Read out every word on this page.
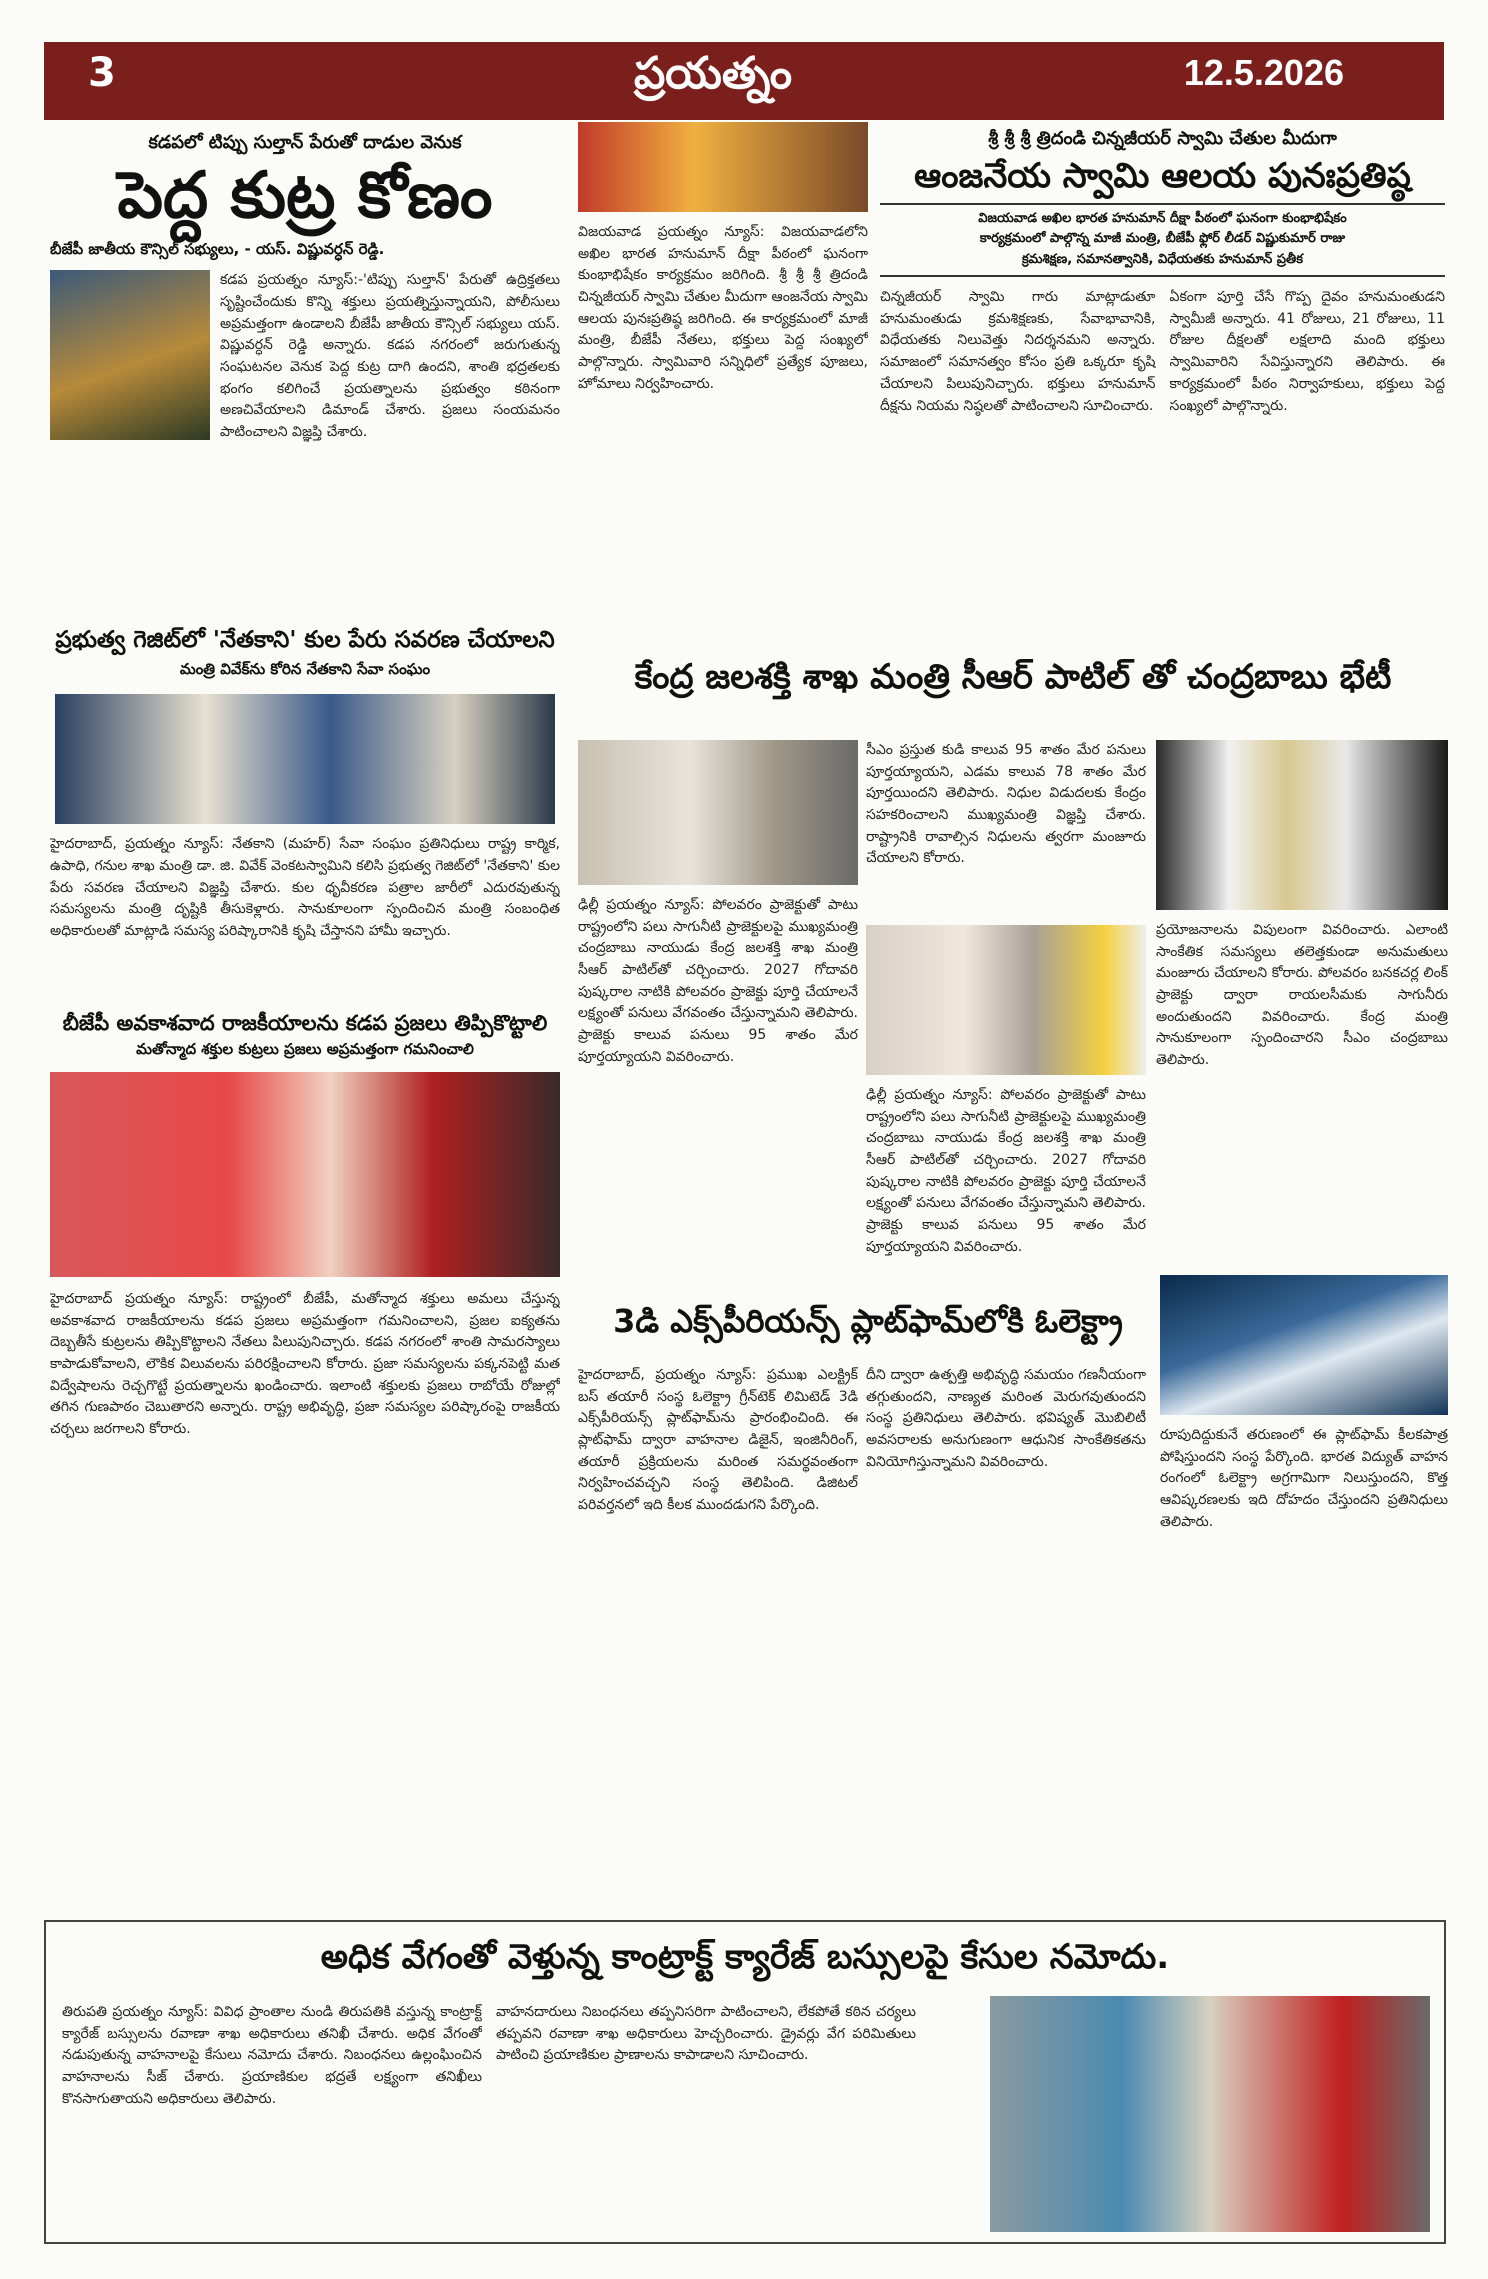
3	ప్రయత్నం	12.5.2026
కడపలో టిప్పు సుల్తాన్ పేరుతో దాడుల వెనుక
పెద్ద కుట్ర కోణం
బీజేపీ జాతీయ కౌన్సిల్ సభ్యులు, - యస్. విష్ణువర్ధన్ రెడ్డి.
కడప ప్రయత్నం న్యూస్:-'టిప్పు సుల్తాన్' పేరుతో ఉద్రిక్తతలు సృష్టించేందుకు కొన్ని శక్తులు ప్రయత్నిస్తున్నాయని, పోలీసులు అప్రమత్తంగా ఉండాలని బీజేపీ జాతీయ కౌన్సిల్ సభ్యులు యస్. విష్ణువర్ధన్ రెడ్డి అన్నారు. కడప నగరంలో జరుగుతున్న సంఘటనల వెనుక పెద్ద కుట్ర దాగి ఉందని, శాంతి భద్రతలకు భంగం కలిగించే ప్రయత్నాలను ప్రభుత్వం కఠినంగా అణచివేయాలని డిమాండ్ చేశారు. ప్రజలు సంయమనం పాటించాలని విజ్ఞప్తి చేశారు.
విజయవాడ ప్రయత్నం న్యూస్: విజయవాడలోని అఖిల భారత హనుమాన్ దీక్షా పీఠంలో ఘనంగా కుంభాభిషేకం కార్యక్రమం జరిగింది. శ్రీ శ్రీ శ్రీ త్రిదండి చిన్నజీయర్ స్వామి చేతుల మీదుగా ఆంజనేయ స్వామి ఆలయ పునఃప్రతిష్ఠ జరిగింది. ఈ కార్యక్రమంలో మాజీ మంత్రి, బీజేపీ నేతలు, భక్తులు పెద్ద సంఖ్యలో పాల్గొన్నారు. స్వామివారి సన్నిధిలో ప్రత్యేక పూజలు, హోమాలు నిర్వహించారు.
శ్రీ శ్రీ శ్రీ త్రిదండి చిన్నజీయర్ స్వామి చేతుల మీదుగా
ఆంజనేయ స్వామి ఆలయ పునఃప్రతిష్ఠ
విజయవాడ అఖిల భారత హనుమాన్ దీక్షా పీఠంలో ఘనంగా కుంభాభిషేకం
కార్యక్రమంలో పాల్గొన్న మాజీ మంత్రి, బీజేపీ ఫ్లోర్ లీడర్ విష్ణుకుమార్ రాజు
క్రమశిక్షణ, సమానత్వానికి, విధేయతకు హనుమాన్ ప్రతీక
చిన్నజీయర్ స్వామి గారు మాట్లాడుతూ హనుమంతుడు క్రమశిక్షణకు, సేవాభావానికి, విధేయతకు నిలువెత్తు నిదర్శనమని అన్నారు. సమాజంలో సమానత్వం కోసం ప్రతి ఒక్కరూ కృషి చేయాలని పిలుపునిచ్చారు. భక్తులు హనుమాన్ దీక్షను నియమ నిష్ఠలతో పాటించాలని సూచించారు.
ఏకంగా పూర్తి చేసే గొప్ప దైవం హనుమంతుడని స్వామీజీ అన్నారు. 41 రోజులు, 21 రోజులు, 11 రోజుల దీక్షలతో లక్షలాది మంది భక్తులు స్వామివారిని సేవిస్తున్నారని తెలిపారు. ఈ కార్యక్రమంలో పీఠం నిర్వాహకులు, భక్తులు పెద్ద సంఖ్యలో పాల్గొన్నారు.
ప్రభుత్వ గెజిట్‌లో 'నేతకాని' కుల పేరు సవరణ చేయాలని
మంత్రి వివేక్‌ను కోరిన నేతకాని సేవా సంఘం
హైదరాబాద్, ప్రయత్నం న్యూస్: నేతకాని (మహర్) సేవా సంఘం ప్రతినిధులు రాష్ట్ర కార్మిక, ఉపాధి, గనుల శాఖ మంత్రి డా. జి. వివేక్ వెంకటస్వామిని కలిసి ప్రభుత్వ గెజిట్‌లో 'నేతకాని' కుల పేరు సవరణ చేయాలని విజ్ఞప్తి చేశారు. కుల ధృవీకరణ పత్రాల జారీలో ఎదురవుతున్న సమస్యలను మంత్రి దృష్టికి తీసుకెళ్లారు. సానుకూలంగా స్పందించిన మంత్రి సంబంధిత అధికారులతో మాట్లాడి సమస్య పరిష్కారానికి కృషి చేస్తానని హామీ ఇచ్చారు.
బీజేపీ అవకాశవాద రాజకీయాలను కడప ప్రజలు తిప్పికొట్టాలి
మతోన్మాద శక్తుల కుట్రలు ప్రజలు అప్రమత్తంగా గమనించాలి
హైదరాబాద్ ప్రయత్నం న్యూస్: రాష్ట్రంలో బీజేపీ, మతోన్మాద శక్తులు అమలు చేస్తున్న అవకాశవాద రాజకీయాలను కడప ప్రజలు అప్రమత్తంగా గమనించాలని, ప్రజల ఐక్యతను దెబ్బతీసే కుట్రలను తిప్పికొట్టాలని నేతలు పిలుపునిచ్చారు. కడప నగరంలో శాంతి సామరస్యాలు కాపాడుకోవాలని, లౌకిక విలువలను పరిరక్షించాలని కోరారు. ప్రజా సమస్యలను పక్కనపెట్టి మత విద్వేషాలను రెచ్చగొట్టే ప్రయత్నాలను ఖండించారు. ఇలాంటి శక్తులకు ప్రజలు రాబోయే రోజుల్లో తగిన గుణపాఠం చెబుతారని అన్నారు. రాష్ట్ర అభివృద్ధి, ప్రజా సమస్యల పరిష్కారంపై రాజకీయ చర్చలు జరగాలని కోరారు.
కేంద్ర జలశక్తి శాఖ మంత్రి సీఆర్ పాటిల్ తో చంద్రబాబు భేటీ
ఢిల్లీ ప్రయత్నం న్యూస్: పోలవరం ప్రాజెక్టుతో పాటు రాష్ట్రంలోని పలు సాగునీటి ప్రాజెక్టులపై ముఖ్యమంత్రి చంద్రబాబు నాయుడు కేంద్ర జలశక్తి శాఖ మంత్రి సీఆర్ పాటిల్‌తో చర్చించారు. 2027 గోదావరి పుష్కరాల నాటికి పోలవరం ప్రాజెక్టు పూర్తి చేయాలనే లక్ష్యంతో పనులు వేగవంతం చేస్తున్నామని తెలిపారు. ప్రాజెక్టు కాలువ పనులు 95 శాతం మేర పూర్తయ్యాయని వివరించారు.
సీఎం ప్రస్తుత కుడి కాలువ 95 శాతం మేర పనులు పూర్తయ్యాయని, ఎడమ కాలువ 78 శాతం మేర పూర్తయిందని తెలిపారు. నిధుల విడుదలకు కేంద్రం సహకరించాలని ముఖ్యమంత్రి విజ్ఞప్తి చేశారు. రాష్ట్రానికి రావాల్సిన నిధులను త్వరగా మంజూరు చేయాలని కోరారు.
ఢిల్లీ ప్రయత్నం న్యూస్: పోలవరం ప్రాజెక్టుతో పాటు రాష్ట్రంలోని పలు సాగునీటి ప్రాజెక్టులపై ముఖ్యమంత్రి చంద్రబాబు నాయుడు కేంద్ర జలశక్తి శాఖ మంత్రి సీఆర్ పాటిల్‌తో చర్చించారు. 2027 గోదావరి పుష్కరాల నాటికి పోలవరం ప్రాజెక్టు పూర్తి చేయాలనే లక్ష్యంతో పనులు వేగవంతం చేస్తున్నామని తెలిపారు. ప్రాజెక్టు కాలువ పనులు 95 శాతం మేర పూర్తయ్యాయని వివరించారు.
ప్రయోజనాలను విపులంగా వివరించారు. ఎలాంటి సాంకేతిక సమస్యలు తలెత్తకుండా అనుమతులు మంజూరు చేయాలని కోరారు. పోలవరం బనకచర్ల లింక్ ప్రాజెక్టు ద్వారా రాయలసీమకు సాగునీరు అందుతుందని వివరించారు. కేంద్ర మంత్రి సానుకూలంగా స్పందించారని సీఎం చంద్రబాబు తెలిపారు.
3డి ఎక్స్‌పీరియన్స్ ప్లాట్‌ఫామ్‌లోకి ఓలెక్ట్రా
హైదరాబాద్, ప్రయత్నం న్యూస్: ప్రముఖ ఎలక్ట్రిక్ బస్ తయారీ సంస్థ ఓలెక్ట్రా గ్రీన్‌టెక్ లిమిటెడ్ 3డి ఎక్స్‌పీరియన్స్ ప్లాట్‌ఫామ్‌ను ప్రారంభించింది. ఈ ప్లాట్‌ఫామ్ ద్వారా వాహనాల డిజైన్, ఇంజినీరింగ్, తయారీ ప్రక్రియలను మరింత సమర్థవంతంగా నిర్వహించవచ్చని సంస్థ తెలిపింది. డిజిటల్ పరివర్తనలో ఇది కీలక ముందడుగని పేర్కొంది.
దీని ద్వారా ఉత్పత్తి అభివృద్ధి సమయం గణనీయంగా తగ్గుతుందని, నాణ్యత మరింత మెరుగవుతుందని సంస్థ ప్రతినిధులు తెలిపారు. భవిష్యత్ మొబిలిటీ అవసరాలకు అనుగుణంగా ఆధునిక సాంకేతికతను వినియోగిస్తున్నామని వివరించారు.
రూపుదిద్దుకునే తరుణంలో ఈ ప్లాట్‌ఫామ్ కీలకపాత్ర పోషిస్తుందని సంస్థ పేర్కొంది. భారత విద్యుత్ వాహన రంగంలో ఓలెక్ట్రా అగ్రగామిగా నిలుస్తుందని, కొత్త ఆవిష్కరణలకు ఇది దోహదం చేస్తుందని ప్రతినిధులు తెలిపారు.
అధిక వేగంతో వెళ్తున్న కాంట్రాక్ట్ క్యారేజ్ బస్సులపై కేసుల నమోదు.
తిరుపతి ప్రయత్నం న్యూస్: వివిధ ప్రాంతాల నుండి తిరుపతికి వస్తున్న కాంట్రాక్ట్ క్యారేజ్ బస్సులను రవాణా శాఖ అధికారులు తనిఖీ చేశారు. అధిక వేగంతో నడుపుతున్న వాహనాలపై కేసులు నమోదు చేశారు. నిబంధనలు ఉల్లంఘించిన వాహనాలను సీజ్ చేశారు. ప్రయాణికుల భద్రతే లక్ష్యంగా తనిఖీలు కొనసాగుతాయని అధికారులు తెలిపారు.
వాహనదారులు నిబంధనలు తప్పనిసరిగా పాటించాలని, లేకపోతే కఠిన చర్యలు తప్పవని రవాణా శాఖ అధికారులు హెచ్చరించారు. డ్రైవర్లు వేగ పరిమితులు పాటించి ప్రయాణికుల ప్రాణాలను కాపాడాలని సూచించారు.
